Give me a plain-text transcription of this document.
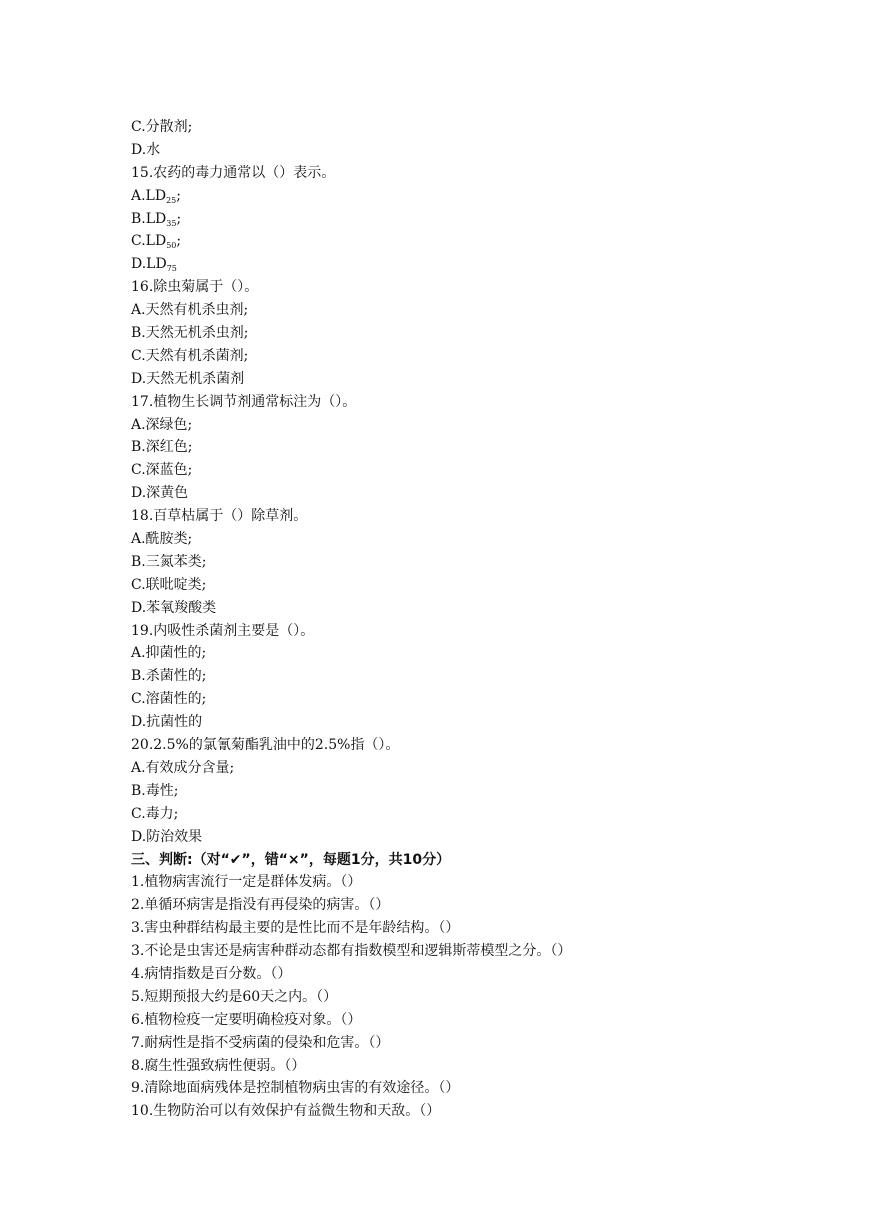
C.分散剂;
D.水
15.农药的毒力通常以（）表示。
$A.LD_{25}$;
$B.LD_{35}$;
$C.LD_{50}$;
$D.LD_{75}$
16.除虫菊属于（）。
A.天然有机杀虫剂;
B.天然无机杀虫剂;
C.天然有机杀菌剂;
D.天然无机杀菌剂
17.植物生长调节剂通常标注为（）。
A.深绿色;
B.深红色;
C.深蓝色;
D.深黄色
18.百草枯属于（）除草剂。
A.酰胺类;
B.三氮苯类;
C.联吡啶类;
D.苯氧羧酸类
19.内吸性杀菌剂主要是（）。
A.抑菌性的;
B.杀菌性的;
C.溶菌性的;
D.抗菌性的
20.2.5%的氯氰菊酯乳油中的2.5%指（）。
A.有效成分含量;
B.毒性;
C.毒力;
D.防治效果
三、判断:（对“✔”，错“×”，每题1分，共10分）
1.植物病害流行一定是群体发病。（）
2.单循环病害是指没有再侵染的病害。（）
3.害虫种群结构最主要的是性比而不是年龄结构。（）
3.不论是虫害还是病害种群动态都有指数模型和逻辑斯蒂模型之分。（）
4.病情指数是百分数。（）
5.短期预报大约是60天之内。（）
6.植物检疫一定要明确检疫对象。（）
7.耐病性是指不受病菌的侵染和危害。（）
8.腐生性强致病性便弱。（）
9.清除地面病残体是控制植物病虫害的有效途径。（）
10.生物防治可以有效保护有益微生物和天敌。（）
